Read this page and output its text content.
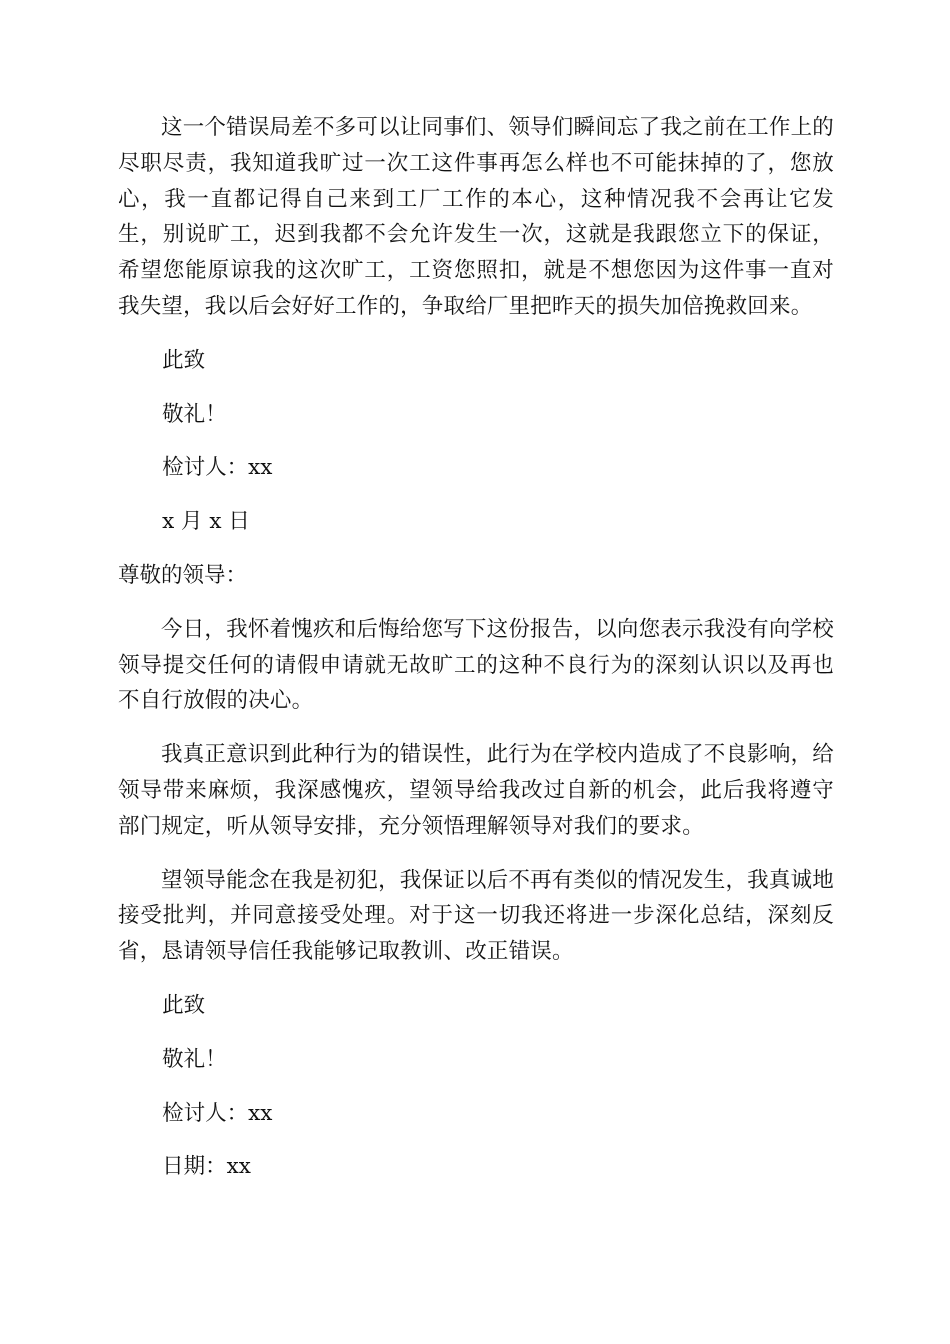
这一个错误局差不多可以让同事们、领导们瞬间忘了我之前在工作上的尽职尽责，我知道我旷过一次工这件事再怎么样也不可能抹掉的了，您放心，我一直都记得自己来到工厂工作的本心，这种情况我不会再让它发生，别说旷工，迟到我都不会允许发生一次，这就是我跟您立下的保证，希望您能原谅我的这次旷工，工资您照扣，就是不想您因为这件事一直对我失望，我以后会好好工作的，争取给厂里把昨天的损失加倍挽救回来。

此致

敬礼！

检讨人：xx

x 月 x 日

尊敬的领导：

今日，我怀着愧疚和后悔给您写下这份报告，以向您表示我没有向学校领导提交任何的请假申请就无故旷工的这种不良行为的深刻认识以及再也不自行放假的决心。

我真正意识到此种行为的错误性，此行为在学校内造成了不良影响，给领导带来麻烦，我深感愧疚，望领导给我改过自新的机会，此后我将遵守部门规定，听从领导安排，充分领悟理解领导对我们的要求。

望领导能念在我是初犯，我保证以后不再有类似的情况发生，我真诚地接受批判，并同意接受处理。对于这一切我还将进一步深化总结，深刻反省，恳请领导信任我能够记取教训、改正错误。

此致

敬礼！

检讨人：xx

日期：xx
